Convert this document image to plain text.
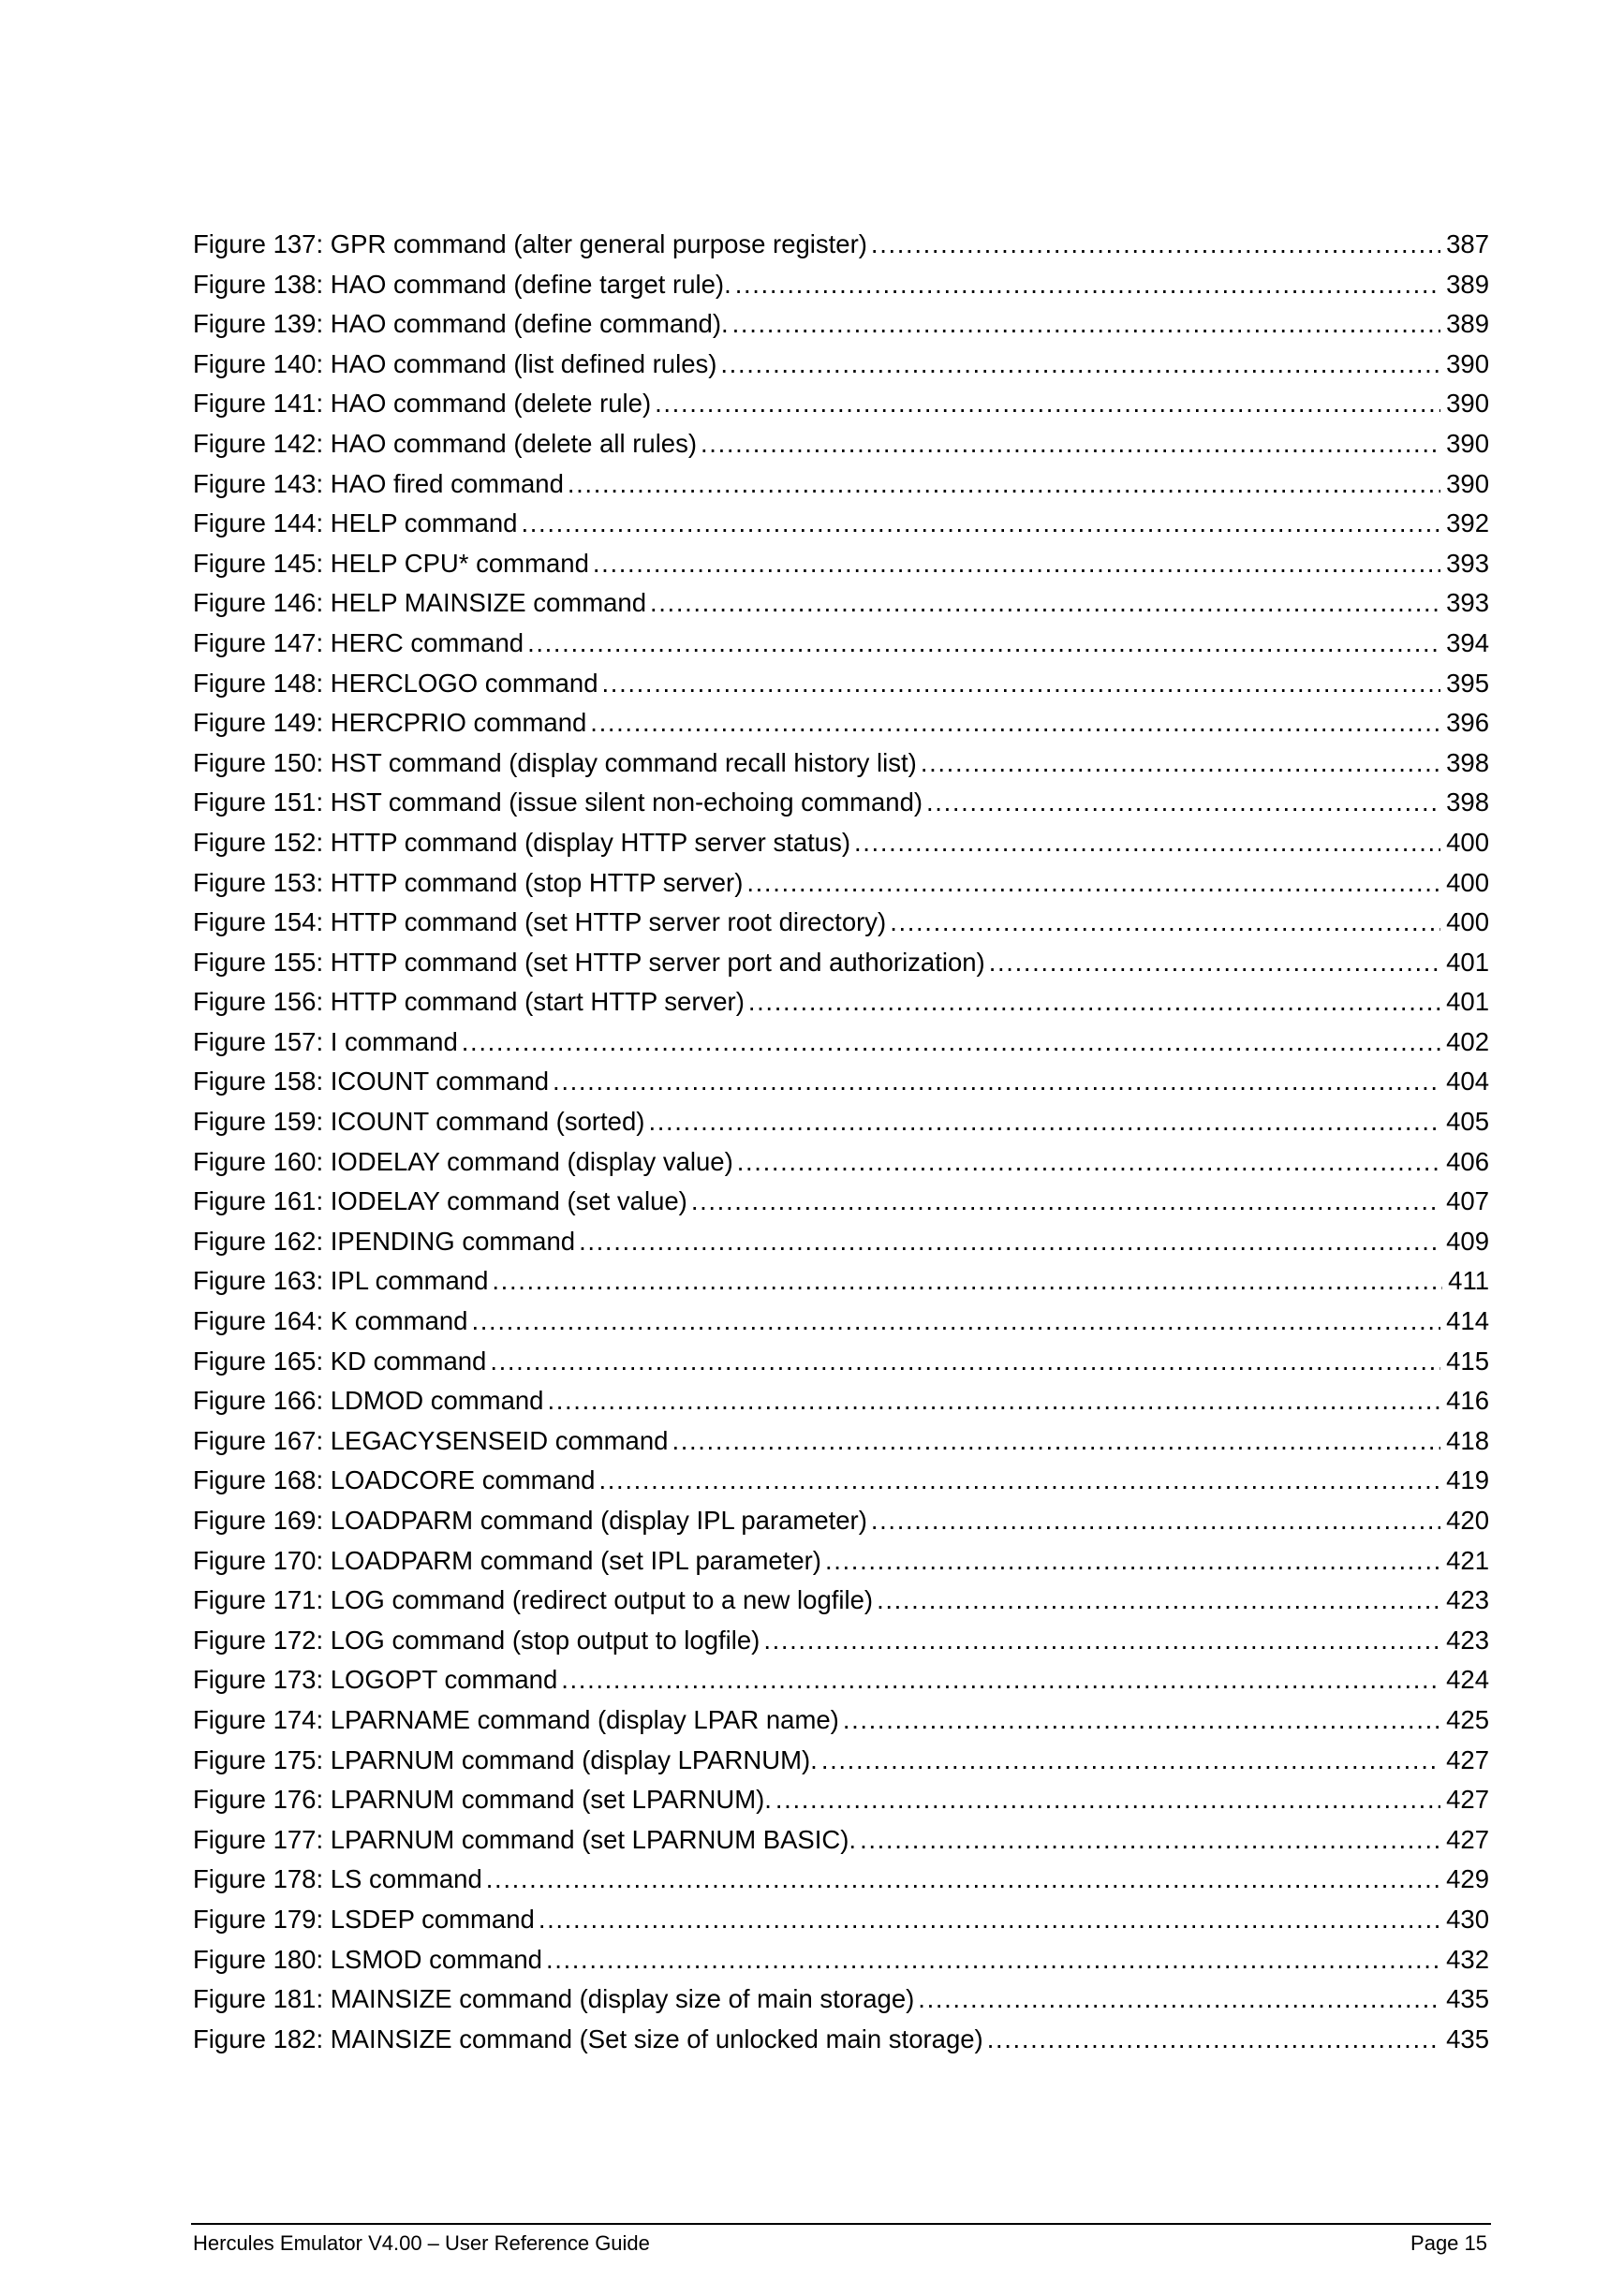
Figure 137: GPR command (alter general purpose register) . . .	387
Figure 138: HAO command (define target rule). . . .	389
Figure 139: HAO command (define command). . . .	389
Figure 140: HAO command (list defined rules) . . .	390
Figure 141: HAO command (delete rule) . . .	390
Figure 142: HAO command (delete all rules) . . .	390
Figure 143: HAO fired command . . .	390
Figure 144: HELP command . . .	392
Figure 145: HELP CPU* command . . .	393
Figure 146: HELP MAINSIZE command . . .	393
Figure 147: HERC command . . .	394
Figure 148: HERCLOGO command . . .	395
Figure 149: HERCPRIO command . . .	396
Figure 150: HST command (display command recall history list) . . .	398
Figure 151: HST command (issue silent non-echoing command) . . .	398
Figure 152: HTTP command (display HTTP server status) . . .	400
Figure 153: HTTP command (stop HTTP server) . . .	400
Figure 154: HTTP command (set HTTP server root directory) . . .	400
Figure 155: HTTP command (set HTTP server port and authorization) . . .	401
Figure 156: HTTP command (start HTTP server) . . .	401
Figure 157: I command . . .	402
Figure 158: ICOUNT command . . .	404
Figure 159: ICOUNT command (sorted) . . .	405
Figure 160: IODELAY command (display value) . . .	406
Figure 161: IODELAY command (set value) . . .	407
Figure 162: IPENDING command . . .	409
Figure 163: IPL command . . .	411
Figure 164: K command . . .	414
Figure 165: KD command . . .	415
Figure 166: LDMOD command . . .	416
Figure 167: LEGACYSENSEID command . . .	418
Figure 168: LOADCORE command . . .	419
Figure 169: LOADPARM command (display IPL parameter) . . .	420
Figure 170: LOADPARM command (set IPL parameter) . . .	421
Figure 171: LOG command (redirect output to a new logfile) . . .	423
Figure 172: LOG command (stop output to logfile) . . .	423
Figure 173: LOGOPT command . . .	424
Figure 174: LPARNAME command (display LPAR name) . . .	425
Figure 175: LPARNUM command (display LPARNUM). . . .	427
Figure 176: LPARNUM command (set LPARNUM). . . .	427
Figure 177: LPARNUM command (set LPARNUM BASIC). . . .	427
Figure 178: LS command . . .	429
Figure 179: LSDEP command . . .	430
Figure 180: LSMOD command . . .	432
Figure 181: MAINSIZE command (display size of main storage) . . .	435
Figure 182: MAINSIZE command (Set size of unlocked main storage) . . .	435
Hercules Emulator V4.00 – User Reference Guide	Page 15
